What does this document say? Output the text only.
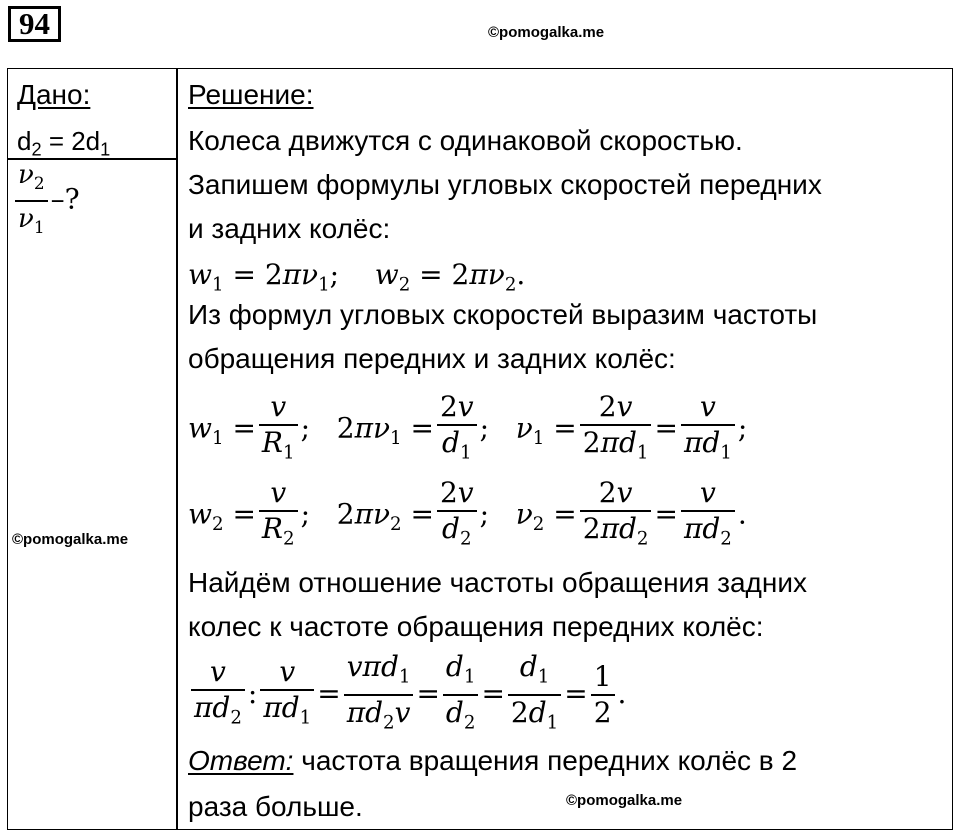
94	©pomogalka.me
Дано:
$d_2 = 2d_1$
$\frac{\nu_2}{\nu_1}$ –?
©pomogalka.me
Решение:
Колеса движутся с одинаковой скоростью.
Запишем формулы угловых скоростей передних
и задних колёс:
$w_1 = 2\pi\nu_1$;    $w_2 = 2\pi\nu_2$.
Из формул угловых скоростей выразим частоты
обращения передних и задних колёс:
$w_1 = \frac{v}{R_1}$ ; $2\pi\nu_1 = \frac{2v}{d_1}$ ;   $\nu_1 = \frac{2v}{2\pi d_1} = \frac{v}{\pi d_1}$ ;
$w_2 = \frac{v}{R_2}$ ; $2\pi\nu_2 = \frac{2v}{d_2}$ ;   $\nu_2 = \frac{2v}{2\pi d_2} = \frac{v}{\pi d_2}$ .
Найдём отношение частоты обращения задних
колес к частоте обращения передних колёс:
$\frac{v}{\pi d_2}$ : $\frac{v}{\pi d_1}$ =
vπd$_1$
$\pi d_2v$
= $\frac{d_1}{d_2} = \frac{d_1}{2d_1} = \frac{1}{2}$ .
Ответ: частота вращения передних колёс в 2
раза больше.	©pomogalka.me
